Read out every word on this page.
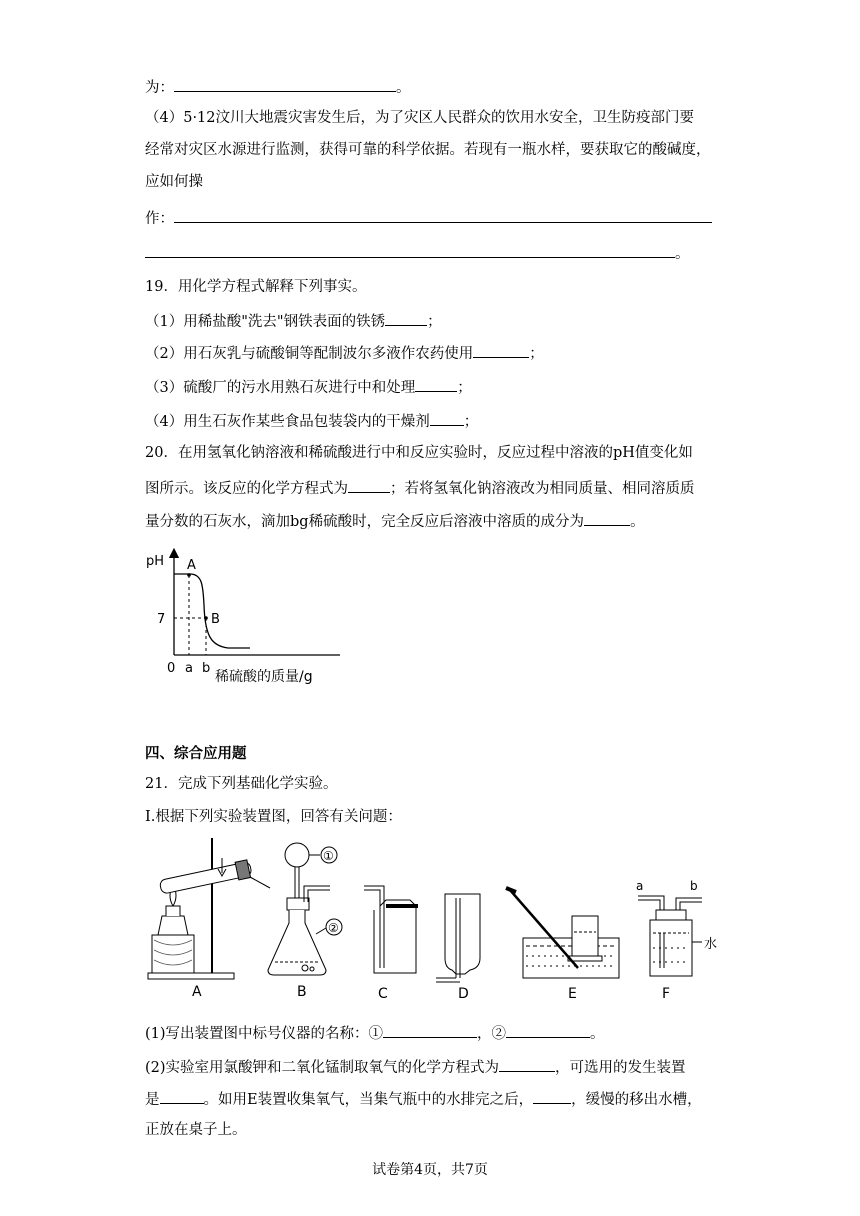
为：	。
（4）5·12汶川大地震灾害发生后，为了灾区人民群众的饮用水安全，卫生防疫部门要
经常对灾区水源进行监测，获得可靠的科学依据。若现有一瓶水样，要获取它的酸碱度，
应如何操
作：
。
19．用化学方程式解释下列事实。
（1）用稀盐酸"洗去"钢铁表面的铁锈	；
（2）用石灰乳与硫酸铜等配制波尔多液作农药使用	；
（3）硫酸厂的污水用熟石灰进行中和处理	；
（4）用生石灰作某些食品包装袋内的干燥剂 ；
20．在用氢氧化钠溶液和稀硫酸进行中和反应实验时，反应过程中溶液的pH值变化如
图所示。该反应的化学方程式为	；若将氢氧化钠溶液改为相同质量、相同溶质质
量分数的石灰水，滴加bg稀硫酸时，完全反应后溶液中溶质的成分为	。
pH
7
A
B
0 a b
稀硫酸的质量/g
四、综合应用题
21．完成下列基础化学实验。
I.根据下列实验装置图，回答有关问题：
A
①
②
B	C	D	E
a	b
水
F
(1)写出装置图中标号仪器的名称：①	，②	。
(2)实验室用氯酸钾和二氧化锰制取氧气的化学方程式为	，可选用的发生装置
是	。如用E装置收集氧气，当集气瓶中的水排完之后，	，缓慢的移出水槽，
正放在桌子上。
试卷第4页，共7页
